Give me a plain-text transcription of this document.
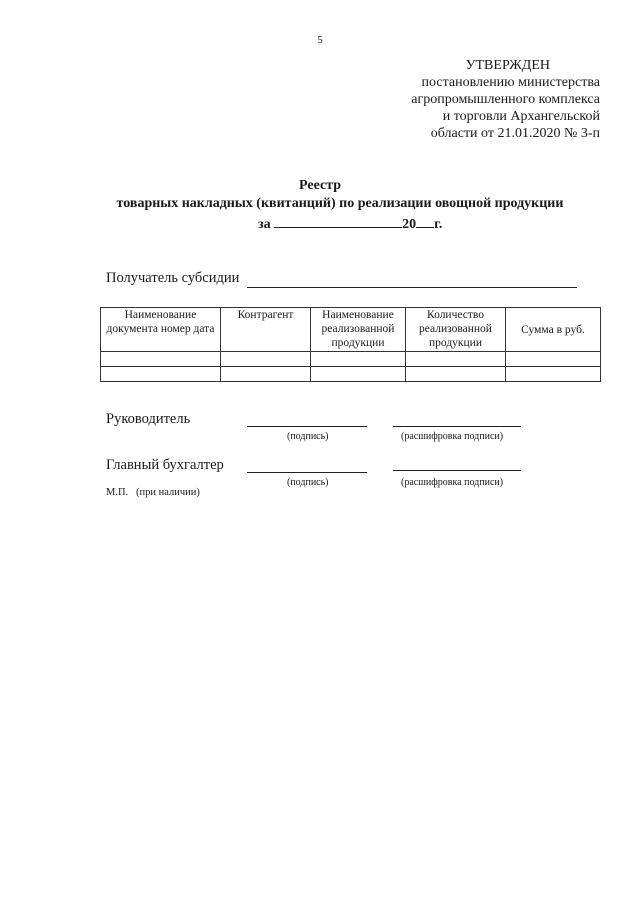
5
УТВЕРЖДЕН
постановлению министерства
агропромышленного комплекса
и торговли Архангельской
области от 21.01.2020 № 3-п
Реестр
товарных накладных (квитанций) по реализации овощной продукции
за	20 г.
Получатель субсидии
Наименование документа номер дата	Контрагент	Наименование реализованной продукции	Количество реализованной продукции	Сумма в руб.

Руководитель
(подпись)	(расшифровка подписи)
Главный бухгалтер
(подпись)	(расшифровка подписи)
М.П.   (при наличии)
